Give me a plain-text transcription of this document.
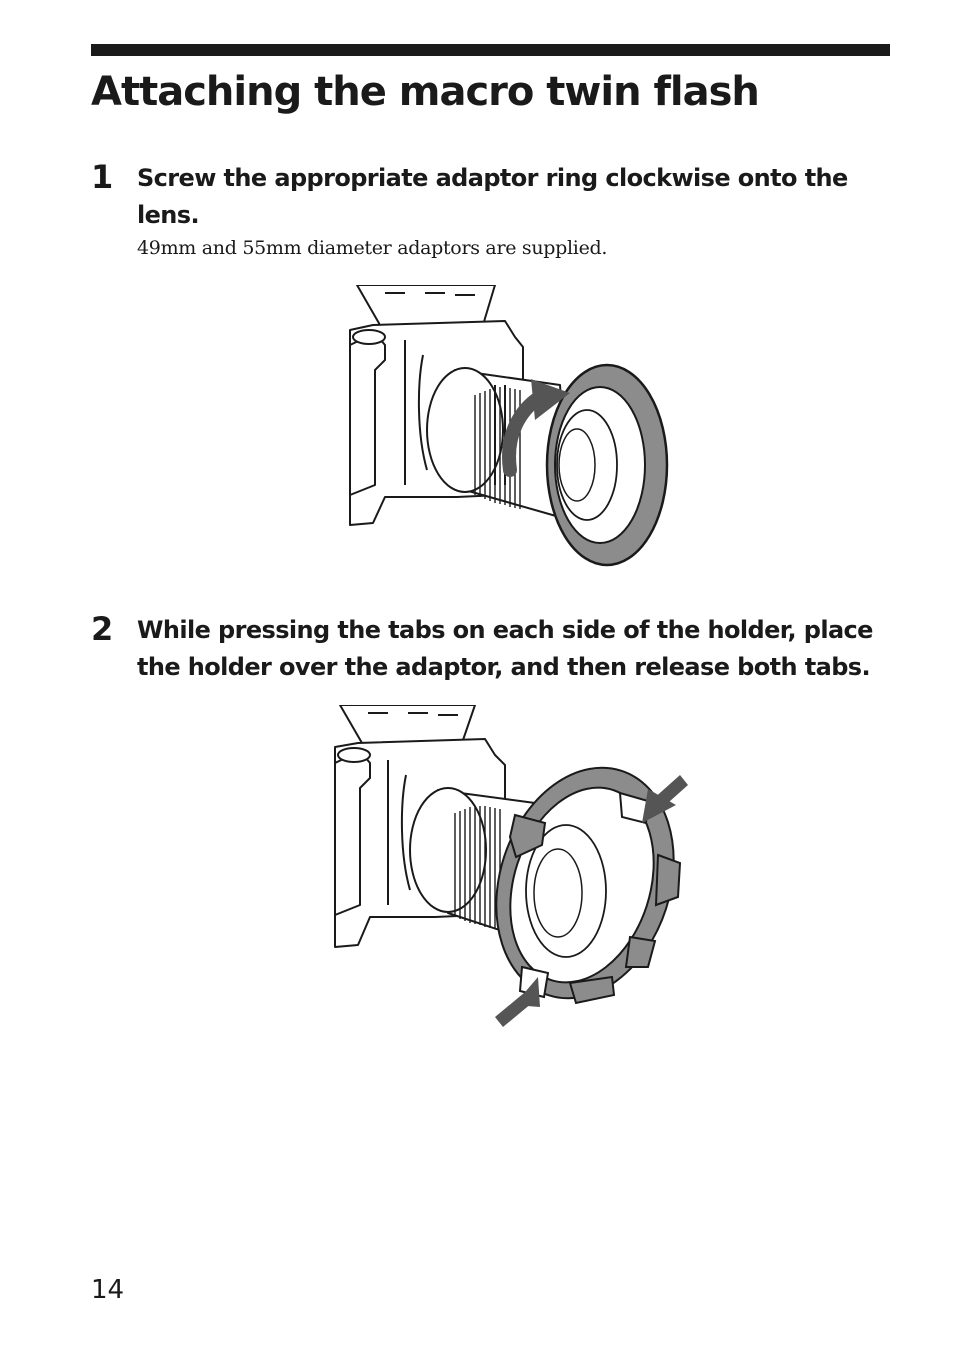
Attaching the macro twin flash
1 Screw the appropriate adaptor ring clockwise onto the lens.
49mm and 55mm diameter adaptors are supplied.
2 While pressing the tabs on each side of the holder, place the holder over the adaptor, and then release both tabs.
14
